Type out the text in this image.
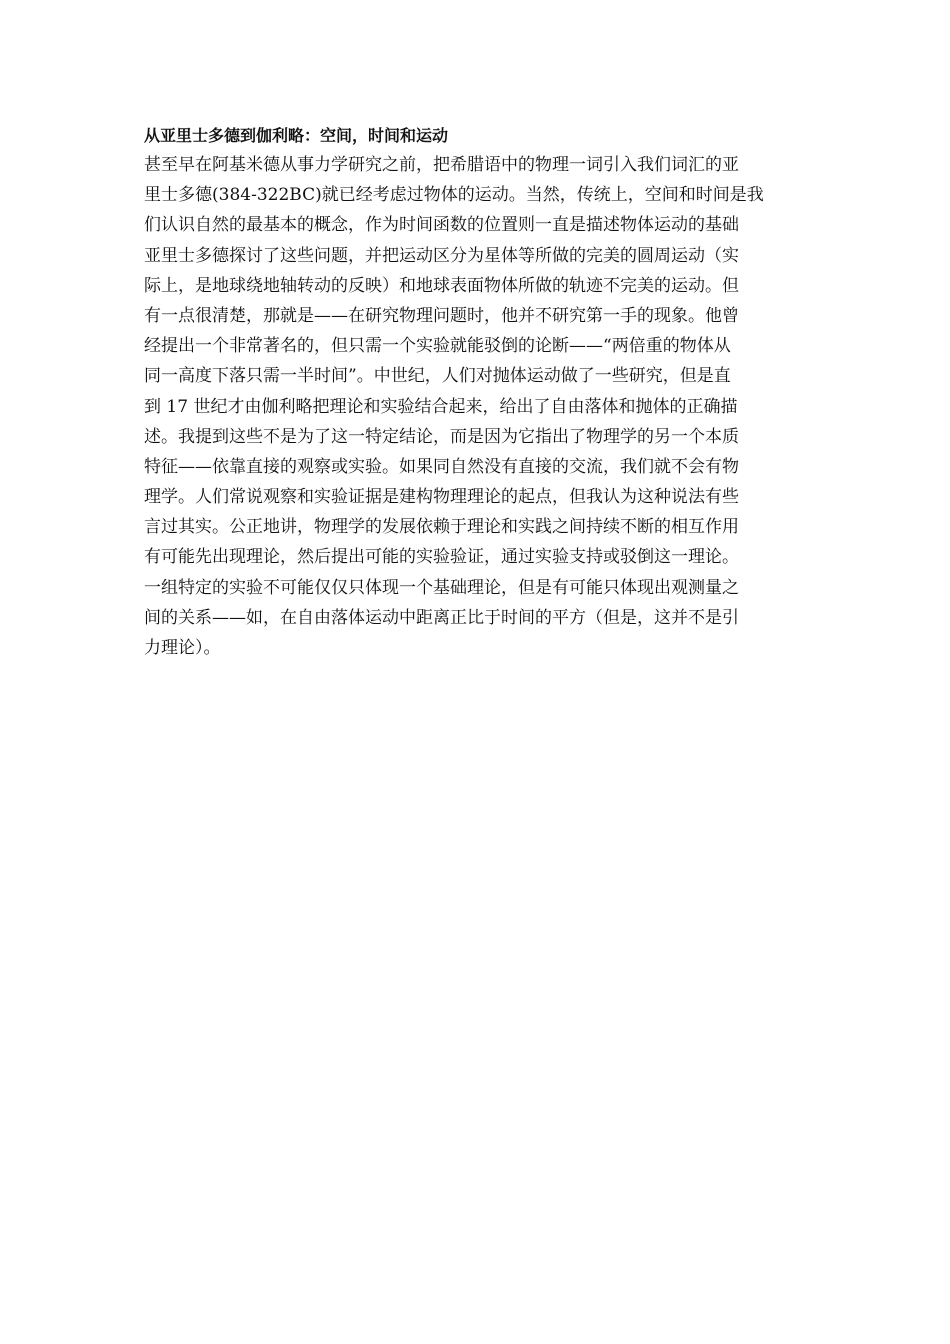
从亚里士多德到伽利略：空间，时间和运动
甚至早在阿基米德从事力学研究之前，把希腊语中的物理一词引入我们词汇的亚
里士多德(384-322BC)就已经考虑过物体的运动。当然，传统上，空间和时间是我
们认识自然的最基本的概念，作为时间函数的位置则一直是描述物体运动的基础
亚里士多德探讨了这些问题，并把运动区分为星体等所做的完美的圆周运动（实
际上，是地球绕地轴转动的反映）和地球表面物体所做的轨迹不完美的运动。但
有一点很清楚，那就是——在研究物理问题时，他并不研究第一手的现象。他曾
经提出一个非常著名的，但只需一个实验就能驳倒的论断——“两倍重的物体从
同一高度下落只需一半时间”。中世纪，人们对抛体运动做了一些研究，但是直
到 17 世纪才由伽利略把理论和实验结合起来，给出了自由落体和抛体的正确描
述。我提到这些不是为了这一特定结论，而是因为它指出了物理学的另一个本质
特征——依靠直接的观察或实验。如果同自然没有直接的交流，我们就不会有物
理学。人们常说观察和实验证据是建构物理理论的起点，但我认为这种说法有些
言过其实。公正地讲，物理学的发展依赖于理论和实践之间持续不断的相互作用
有可能先出现理论，然后提出可能的实验验证，通过实验支持或驳倒这一理论。
一组特定的实验不可能仅仅只体现一个基础理论，但是有可能只体现出观测量之
间的关系——如，在自由落体运动中距离正比于时间的平方（但是，这并不是引
力理论）。
